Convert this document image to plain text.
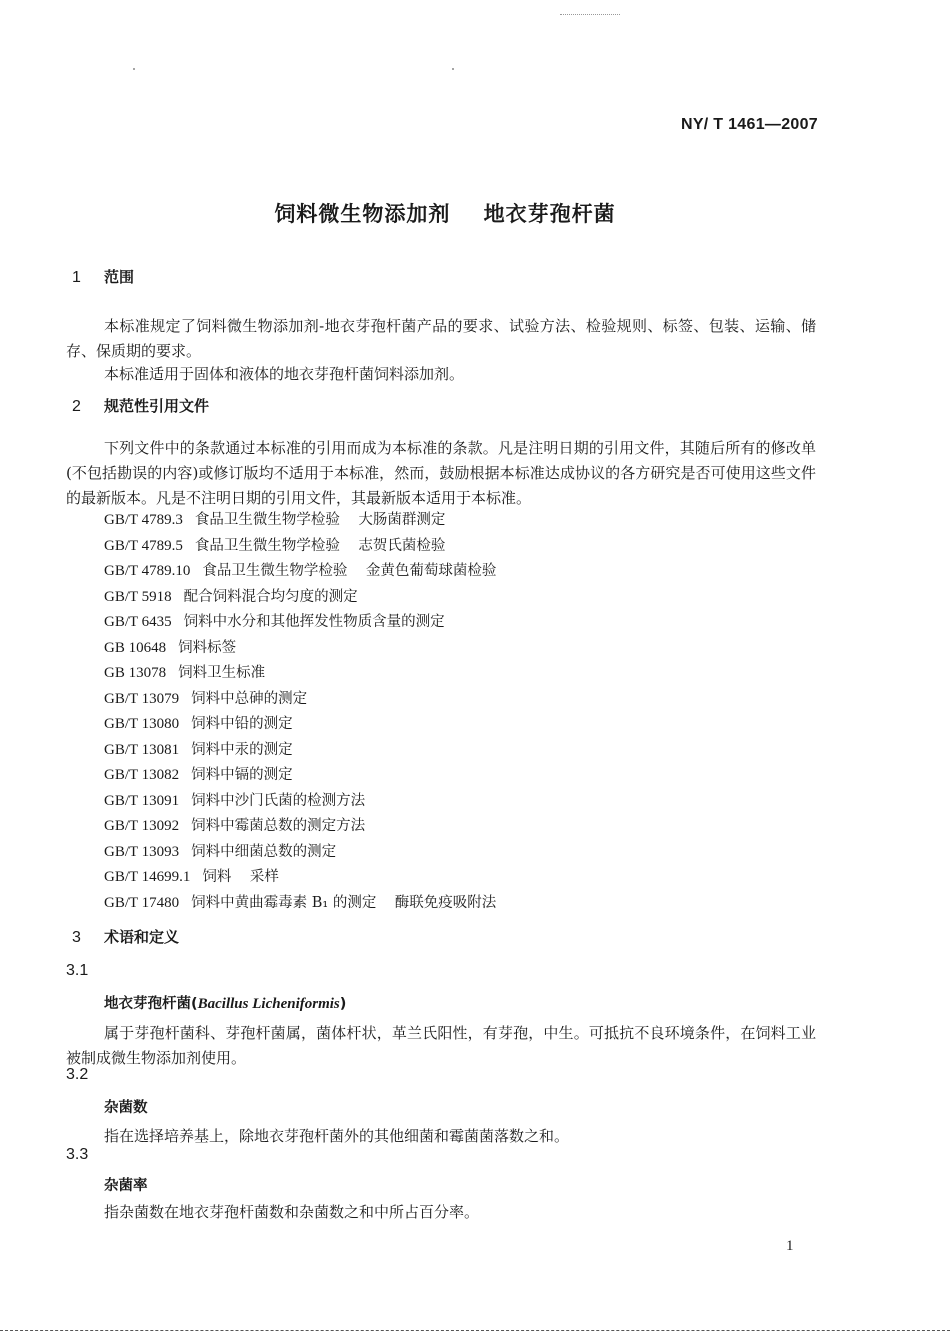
NY/ T 1461—2007
饲料微生物添加剂    地衣芽孢杆菌
1 范围
本标准规定了饲料微生物添加剂-地衣芽孢杆菌产品的要求、试验方法、检验规则、标签、包装、运输、储存、保质期的要求。
本标准适用于固体和液体的地衣芽孢杆菌饲料添加剂。
2 规范性引用文件
下列文件中的条款通过本标准的引用而成为本标准的条款。凡是注明日期的引用文件，其随后所有的修改单(不包括勘误的内容)或修订版均不适用于本标准，然而，鼓励根据本标准达成协议的各方研究是否可使用这些文件的最新版本。凡是不注明日期的引用文件，其最新版本适用于本标准。
GB/T 4789.3 食品卫生微生物学检验    大肠菌群测定
GB/T 4789.5 食品卫生微生物学检验    志贺氏菌检验
GB/T 4789.10 食品卫生微生物学检验    金黄色葡萄球菌检验
GB/T 5918 配合饲料混合均匀度的测定
GB/T 6435 饲料中水分和其他挥发性物质含量的测定
GB 10648 饲料标签
GB 13078 饲料卫生标准
GB/T 13079 饲料中总砷的测定
GB/T 13080 饲料中铅的测定
GB/T 13081 饲料中汞的测定
GB/T 13082 饲料中镉的测定
GB/T 13091 饲料中沙门氏菌的检测方法
GB/T 13092 饲料中霉菌总数的测定方法
GB/T 13093 饲料中细菌总数的测定
GB/T 14699.1 饲料    采样
GB/T 17480 饲料中黄曲霉毒素 B₁ 的测定    酶联免疫吸附法
3 术语和定义
3.1
地衣芽孢杆菌(Bacillus Licheniformis)
属于芽孢杆菌科、芽孢杆菌属，菌体杆状，革兰氏阳性，有芽孢，中生。可抵抗不良环境条件，在饲料工业被制成微生物添加剂使用。
3.2
杂菌数
指在选择培养基上，除地衣芽孢杆菌外的其他细菌和霉菌菌落数之和。
3.3
杂菌率
指杂菌数在地衣芽孢杆菌数和杂菌数之和中所占百分率。
1
